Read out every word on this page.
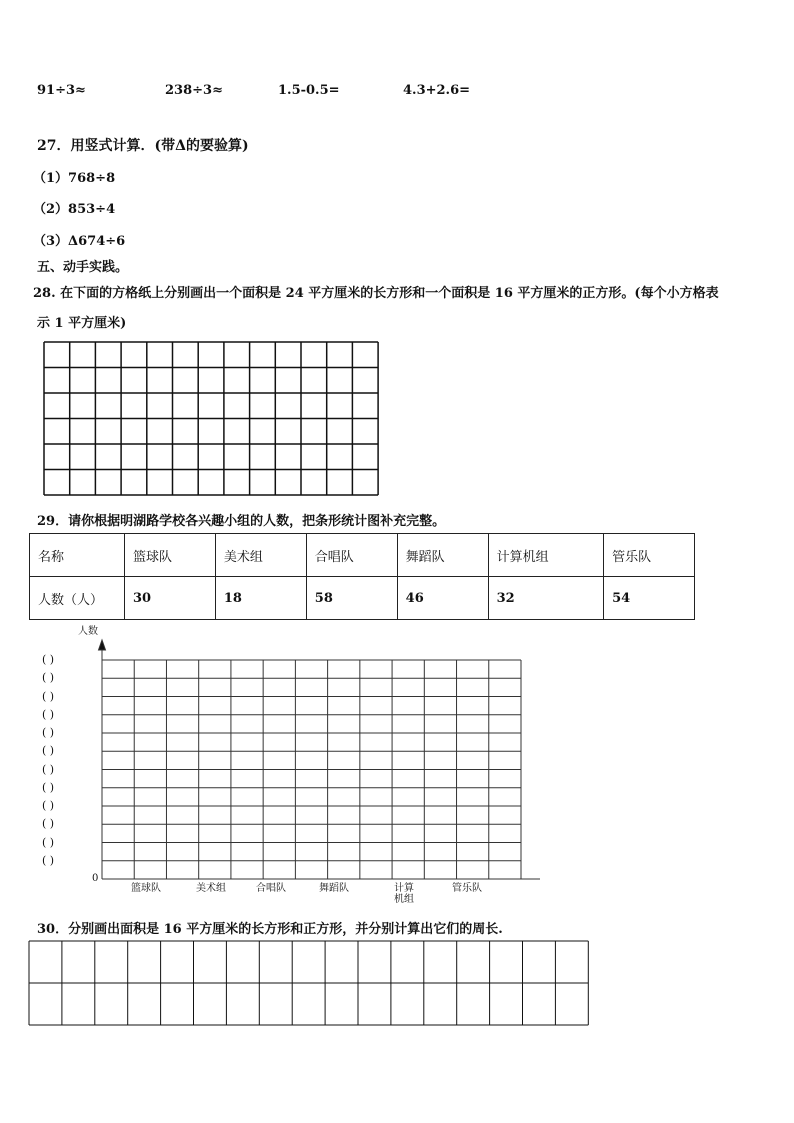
91÷3≈	238÷3≈	1.5-0.5=	4.3+2.6=
27．用竖式计算．(带Δ的要验算)
（1）768÷8
（2）853÷4
（3）Δ674÷6
五、动手实践。
28. 在下面的方格纸上分别画出一个面积是 24 平方厘米的长方形和一个面积是 16 平方厘米的正方形。(每个小方格表
示 1 平方厘米)
29．请你根据明湖路学校各兴趣小组的人数，把条形统计图补充完整。
名称	篮球队	美术组	合唱队	舞蹈队	计算机组	管乐队
人数（人）	30	18	58	46	32	54
人数
0
( )
( )
( )
( )
( )
( )
( )
( )
( )
( )
( )
( )
篮球队	美术组	合唱队	舞蹈队	计算
机组
管乐队
30．分别画出面积是 16 平方厘米的长方形和正方形，并分别计算出它们的周长.
